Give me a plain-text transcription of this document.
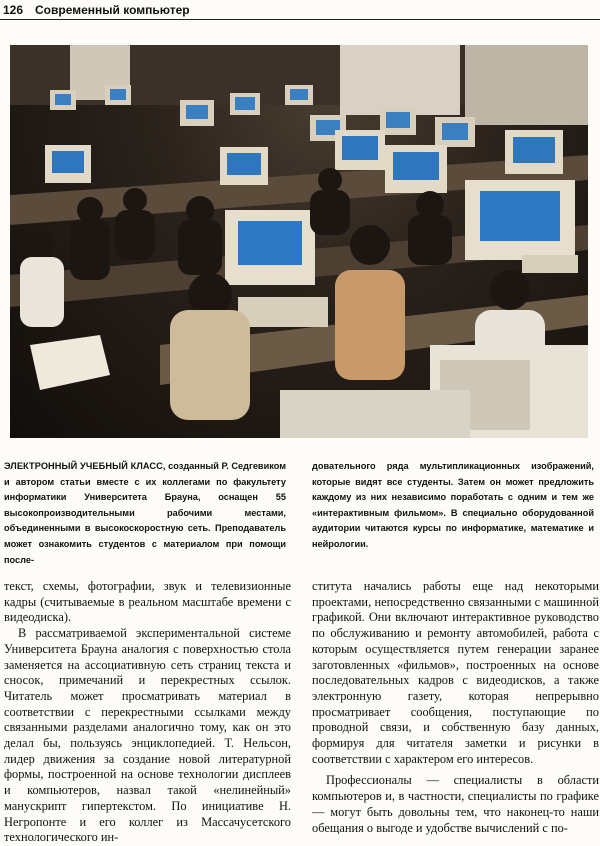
126 Современный компьютер
ЭЛЕКТРОННЫЙ УЧЕБНЫЙ КЛАСС, созданный Р. Седгевиком и автором статьи вместе с их коллегами по факультету информатики Университета Брауна, оснащен 55 высокопроизводительными рабочими местами, объединенными в высокоскоростную сеть. Преподаватель может ознакомить студентов с материалом при помощи после-
довательного ряда мультипликационных изображений, которые видят все студенты. Затем он может предложить каждому из них независимо поработать с одним и тем же «интерактивным фильмом». В специально оборудованной аудитории читаются курсы по информатике, математике и нейрологии.

текст, схемы, фотографии, звук и телевизионные кадры (считываемые в реальном масштабе времени с видеодиска).

В рассматриваемой экспериментальной системе Университета Брауна аналогия с поверхностью стола заменяется на ассоциативную сеть страниц текста и сносок, примечаний и перекрестных ссылок. Читатель может просматривать материал в соответствии с перекрестными ссылками между связанными разделами аналогично тому, как он это делал бы, пользуясь энциклопедией. Т. Нельсон, лидер движения за создание новой литературной формы, построенной на основе технологии дисплеев и компьютеров, назвал такой «нелинейный» манускрипт гипертекстом. По инициативе Н. Негропонте и его коллег из Массачусетского технологического ин-

ститута начались работы еще над некоторыми проектами, непосредственно связанными с машинной графикой. Они включают интерактивное руководство по обслуживанию и ремонту автомобилей, работа с которым осуществляется путем генерации заранее заготовленных «фильмов», построенных на основе последовательных кадров с видеодисков, а также электронную газету, которая непрерывно просматривает сообщения, поступающие по проводной связи, и собственную базу данных, формируя для читателя заметки и рисунки в соответствии с характером его интересов.

Профессионалы — специалисты в области компьютеров и, в частности, специалисты по графике — могут быть довольны тем, что наконец-то наши обещания о выгоде и удобстве вычислений с по-
